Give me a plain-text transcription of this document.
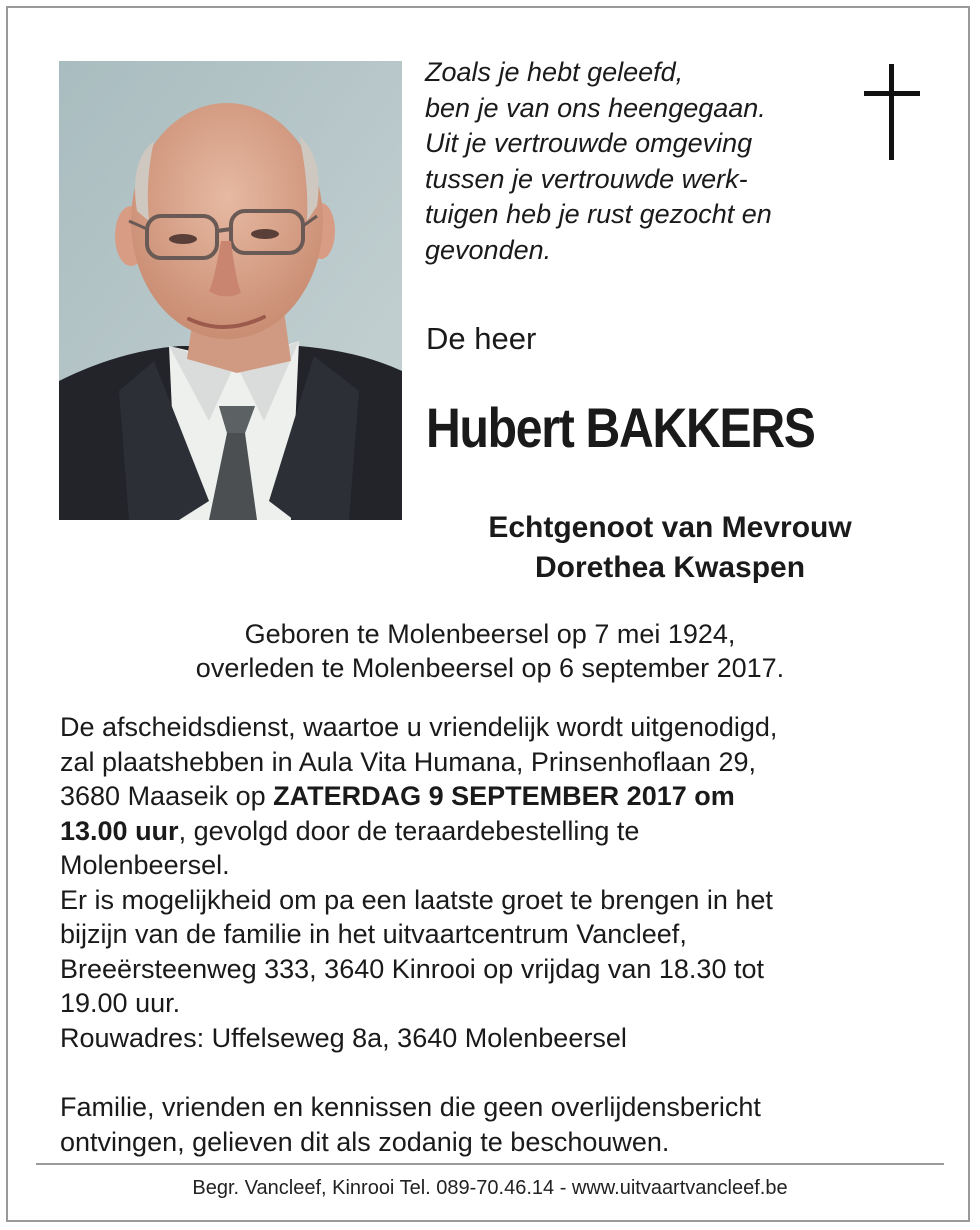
Zoals je hebt geleefd,
ben je van ons heengegaan.
Uit je vertrouwde omgeving
tussen je vertrouwde werk-
tuigen heb je rust gezocht en
gevonden.
De heer
Hubert BAKKERS
Echtgenoot van Mevrouw
Dorethea Kwaspen
Geboren te Molenbeersel op 7 mei 1924,
overleden te Molenbeersel op 6 september 2017.
De afscheidsdienst, waartoe u vriendelijk wordt uitgenodigd,
zal plaatshebben in Aula Vita Humana, Prinsenhoflaan 29,
3680 Maaseik op ZATERDAG 9 SEPTEMBER 2017 om
13.00 uur, gevolgd door de teraardebestelling te
Molenbeersel.
Er is mogelijkheid om pa een laatste groet te brengen in het
bijzijn van de familie in het uitvaartcentrum Vancleef,
Breeërsteenweg 333, 3640 Kinrooi op vrijdag van 18.30 tot
19.00 uur.
Rouwadres: Uffelseweg 8a, 3640 Molenbeersel
Familie, vrienden en kennissen die geen overlijdensbericht
ontvingen, gelieven dit als zodanig te beschouwen.
Begr. Vancleef, Kinrooi Tel. 089-70.46.14 - www.uitvaartvancleef.be
